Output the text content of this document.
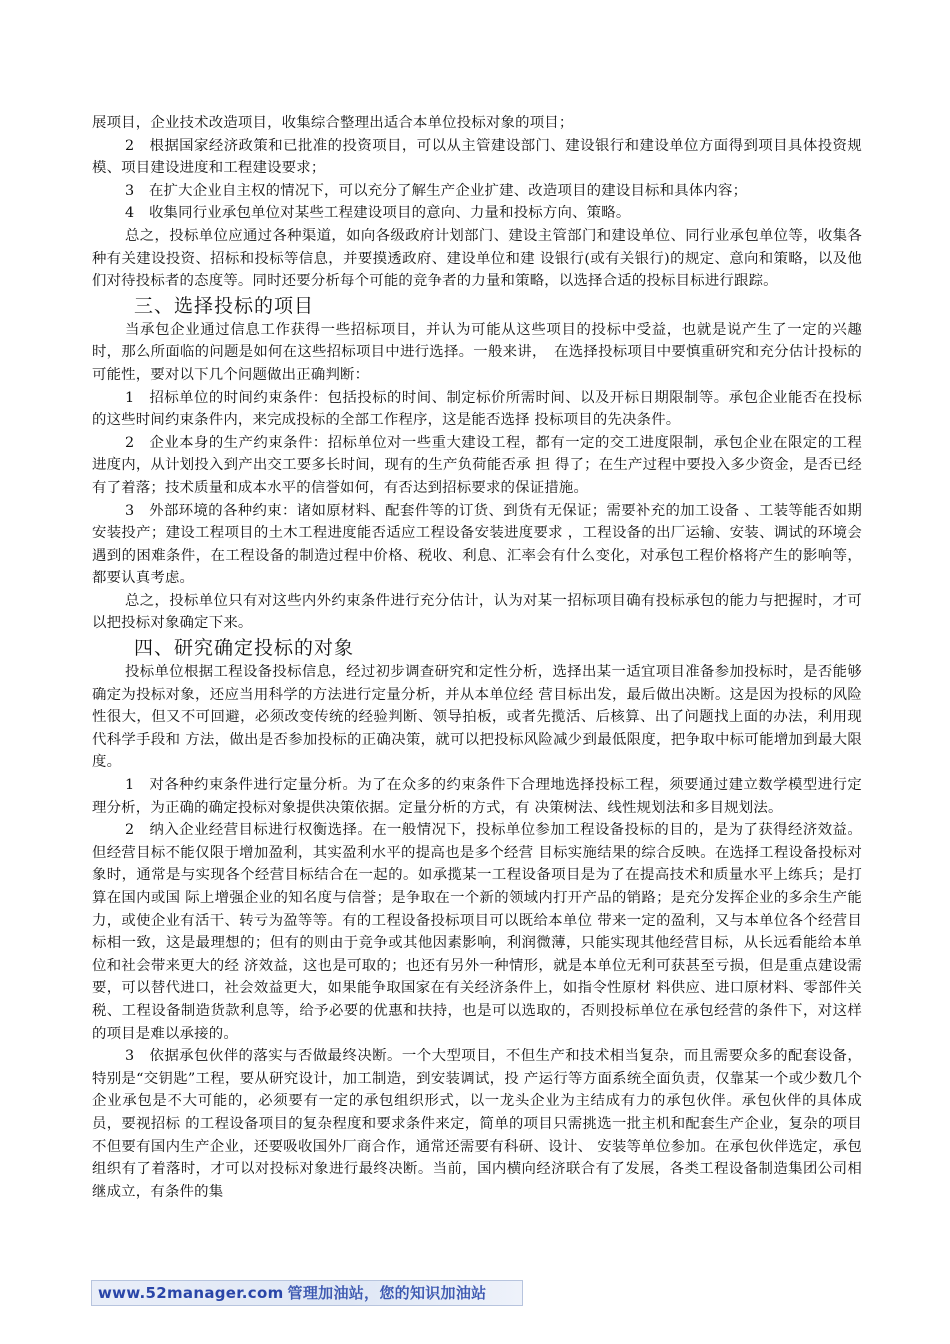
展项目，企业技术改造项目，收集综合整理出适合本单位投标对象的项目；

2　根据国家经济政策和已批准的投资项目，可以从主管建设部门、建设银行和建设单位方面得到项目具体投资规模、项目建设进度和工程建设要求；

3　在扩大企业自主权的情况下，可以充分了解生产企业扩建、改造项目的建设目标和具体内容；

4　收集同行业承包单位对某些工程建设项目的意向、力量和投标方向、策略。

总之，投标单位应通过各种渠道，如向各级政府计划部门、建设主管部门和建设单位、同行业承包单位等，收集各种有关建设投资、招标和投标等信息，并要摸透政府、建设单位和建 设银行(或有关银行)的规定、意向和策略，以及他们对待投标者的态度等。同时还要分析每个可能的竞争者的力量和策略，以选择合适的投标目标进行跟踪。

三、选择投标的项目

当承包企业通过信息工作获得一些招标项目，并认为可能从这些项目的投标中受益，也就是说产生了一定的兴趣时，那么所面临的问题是如何在这些招标项目中进行选择。一般来讲，　在选择投标项目中要慎重研究和充分估计投标的可能性，要对以下几个问题做出正确判断：

1　招标单位的时间约束条件：包括投标的时间、制定标价所需时间、以及开标日期限制等。承包企业能否在投标的这些时间约束条件内，来完成投标的全部工作程序，这是能否选择 投标项目的先决条件。

2　企业本身的生产约束条件：招标单位对一些重大建设工程，都有一定的交工进度限制，承包企业在限定的工程进度内，从计划投入到产出交工要多长时间，现有的生产负荷能否承 担 得了；在生产过程中要投入多少资金，是否已经有了着落；技术质量和成本水平的信誉如何，有否达到招标要求的保证措施。

3　外部环境的各种约束：诸如原材料、配套件等的订货、到货有无保证；需要补充的加工设备 、工装等能否如期安装投产；建设工程项目的土木工程进度能否适应工程设备安装进度要求 ，工程设备的出厂运输、安装、调试的环境会遇到的困难条件，在工程设备的制造过程中价格、税收、利息、汇率会有什么变化，对承包工程价格将产生的影响等，都要认真考虑。

总之，投标单位只有对这些内外约束条件进行充分估计，认为对某一招标项目确有投标承包的能力与把握时，才可以把投标对象确定下来。

四、研究确定投标的对象

投标单位根据工程设备投标信息，经过初步调查研究和定性分析，选择出某一适宜项目准备参加投标时，是否能够确定为投标对象，还应当用科学的方法进行定量分析，并从本单位经 营目标出发，最后做出决断。这是因为投标的风险性很大，但又不可回避，必须改变传统的经验判断、领导拍板，或者先揽活、后核算、出了问题找上面的办法，利用现代科学手段和 方法，做出是否参加投标的正确决策，就可以把投标风险减少到最低限度，把争取中标可能增加到最大限度。

1　对各种约束条件进行定量分析。为了在众多的约束条件下合理地选择投标工程，须要通过建立数学模型进行定理分析，为正确的确定投标对象提供决策依据。定量分析的方式，有 决策树法、线性规划法和多目规划法。

2　纳入企业经营目标进行权衡选择。在一般情况下，投标单位参加工程设备投标的目的，是为了获得经济效益。但经营目标不能仅限于增加盈利，其实盈利水平的提高也是多个经营 目标实施结果的综合反映。在选择工程设备投标对象时，通常是与实现各个经营目标结合在一起的。如承揽某一工程设备项目是为了在提高技术和质量水平上练兵；是打算在国内或国 际上增强企业的知名度与信誉；是争取在一个新的领域内打开产品的销路；是充分发挥企业的多余生产能力，或使企业有活干、转亏为盈等等。有的工程设备投标项目可以既给本单位 带来一定的盈利，又与本单位各个经营目标相一致，这是最理想的；但有的则由于竞争或其他因素影响，利润微薄，只能实现其他经营目标，从长远看能给本单位和社会带来更大的经 济效益，这也是可取的；也还有另外一种情形，就是本单位无利可获甚至亏损，但是重点建设需要，可以替代进口，社会效益更大，如果能争取国家在有关经济条件上，如指令性原材 料供应、进口原材料、零部件关税、工程设备制造货款利息等，给予必要的优惠和扶持，也是可以选取的，否则投标单位在承包经营的条件下，对这样的项目是难以承接的。

3　依据承包伙伴的落实与否做最终决断。一个大型项目，不但生产和技术相当复杂，而且需要众多的配套设备，特别是“交钥匙”工程，要从研究设计，加工制造，到安装调试，投 产运行等方面系统全面负责，仅靠某一个或少数几个企业承包是不大可能的，必须要有一定的承包组织形式，以一龙头企业为主结成有力的承包伙伴。承包伙伴的具体成员，要视招标 的工程设备项目的复杂程度和要求条件来定，简单的项目只需挑选一批主机和配套生产企业，复杂的项目不但要有国内生产企业，还要吸收国外厂商合作，通常还需要有科研、设计、 安装等单位参加。在承包伙伴选定，承包组织有了着落时，才可以对投标对象进行最终决断。当前，国内横向经济联合有了发展，各类工程设备制造集团公司相继成立，有条件的集

www.52manager.com 管理加油站，您的知识加油站
